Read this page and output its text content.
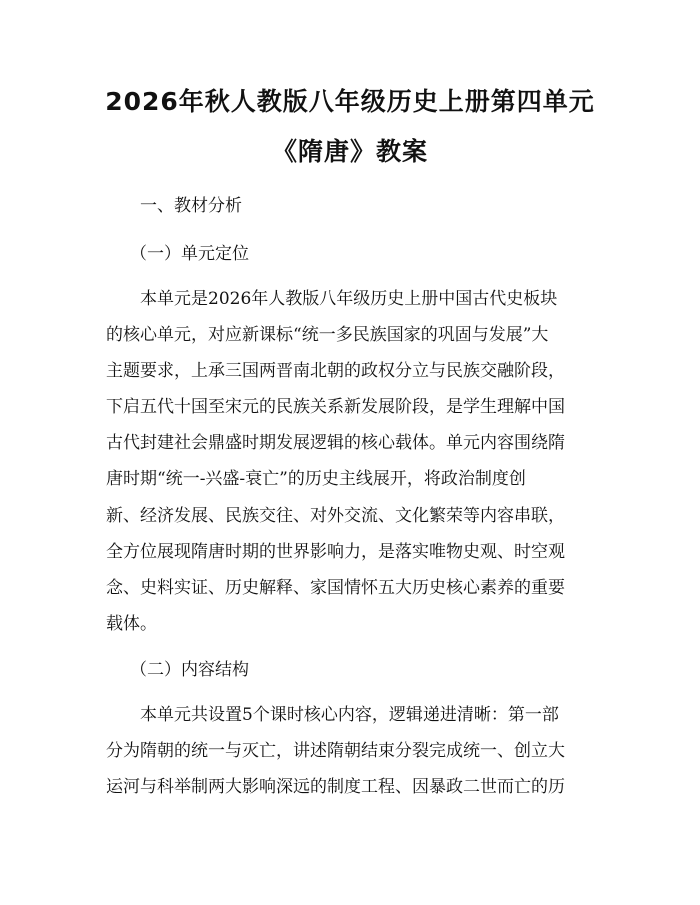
2026年秋人教版八年级历史上册第四单元
《隋唐》教案
一、教材分析
（一）单元定位
本单元是2026年人教版八年级历史上册中国古代史板块
的核心单元，对应新课标“统一多民族国家的巩固与发展”大
主题要求，上承三国两晋南北朝的政权分立与民族交融阶段，
下启五代十国至宋元的民族关系新发展阶段，是学生理解中国
古代封建社会鼎盛时期发展逻辑的核心载体。单元内容围绕隋
唐时期“统一-兴盛-衰亡”的历史主线展开，将政治制度创
新、经济发展、民族交往、对外交流、文化繁荣等内容串联，
全方位展现隋唐时期的世界影响力，是落实唯物史观、时空观
念、史料实证、历史解释、家国情怀五大历史核心素养的重要
载体。
（二）内容结构
本单元共设置5个课时核心内容，逻辑递进清晰：第一部
分为隋朝的统一与灭亡，讲述隋朝结束分裂完成统一、创立大
运河与科举制两大影响深远的制度工程、因暴政二世而亡的历
